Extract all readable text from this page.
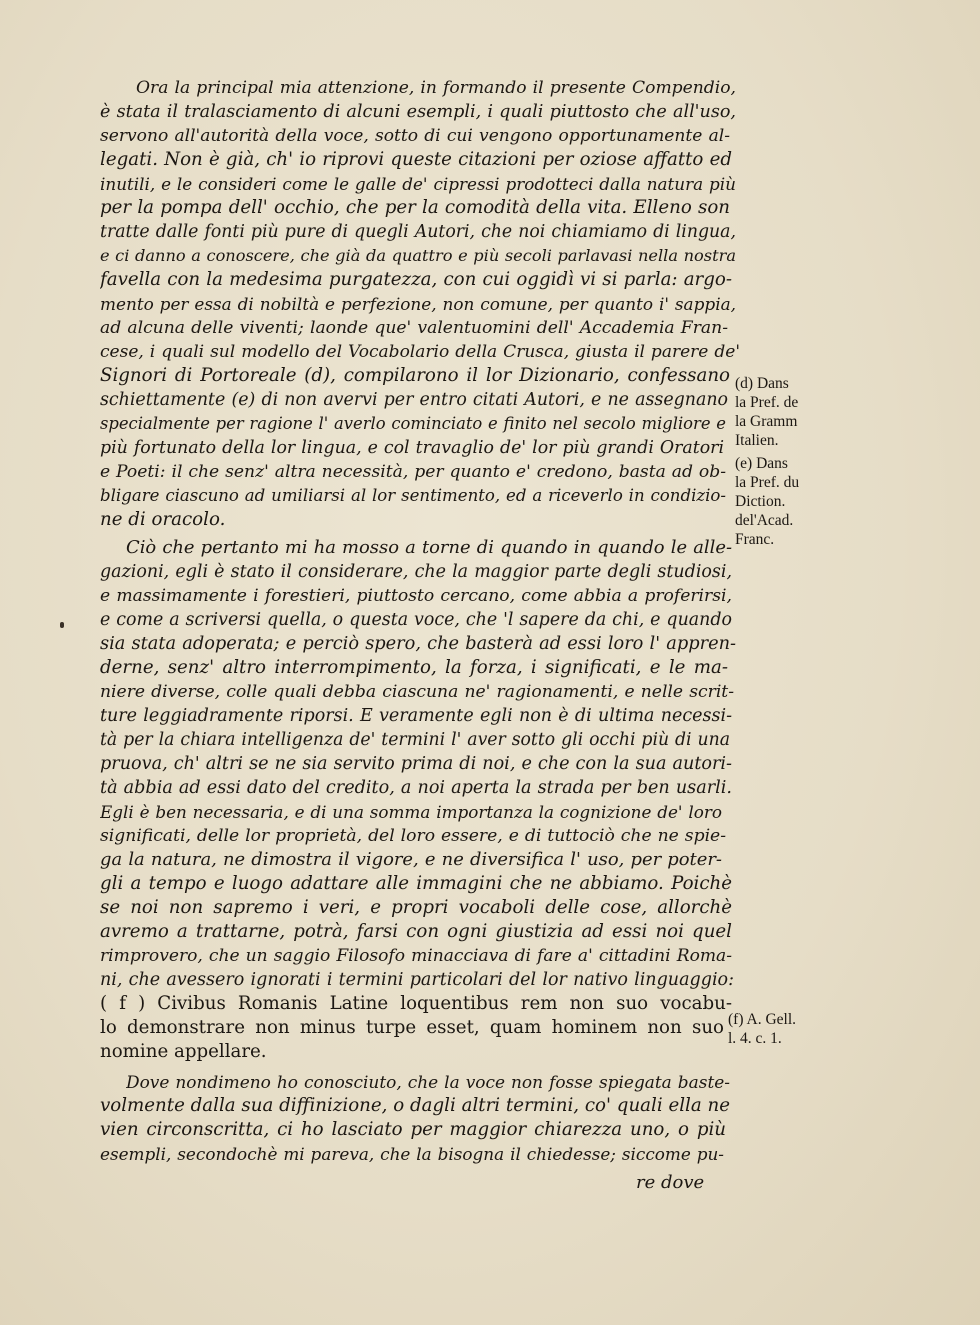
Ora la principal mia attenzione, in formando il presente Compendio,
è stata il tralasciamento di alcuni esempli, i quali piuttosto che all'uso,
servono all'autorità della voce, sotto di cui vengono opportunamente al-
legati. Non è già, ch' io riprovi queste citazioni per oziose affatto ed
inutili, e le consideri come le galle de' cipressi prodotteci dalla natura più
per la pompa dell' occhio, che per la comodità della vita. Elleno son
tratte dalle fonti più pure di quegli Autori, che noi chiamiamo di lingua,
e ci danno a conoscere, che già da quattro e più secoli parlavasi nella nostra
favella con la medesima purgatezza, con cui oggidì vi si parla: argo-
mento per essa di nobiltà e perfezione, non comune, per quanto i' sappia,
ad alcuna delle viventi; laonde que' valentuomini dell' Accademia Fran-
cese, i quali sul modello del Vocabolario della Crusca, giusta il parere de'
Signori di Portoreale (d), compilarono il lor Dizionario, confessano
schiettamente (e) di non avervi per entro citati Autori, e ne assegnano
specialmente per ragione l' averlo cominciato e finito nel secolo migliore e
più fortunato della lor lingua, e col travaglio de' lor più grandi Oratori
e Poeti: il che senz' altra necessità, per quanto e' credono, basta ad ob-
bligare ciascuno ad umiliarsi al lor sentimento, ed a riceverlo in condizio-
ne di oracolo.
Ciò che pertanto mi ha mosso a torne di quando in quando le alle-
gazioni, egli è stato il considerare, che la maggior parte degli studiosi,
e massimamente i forestieri, piuttosto cercano, come abbia a proferirsi,
e come a scriversi quella, o questa voce, che 'l sapere da chi, e quando
sia stata adoperata; e perciò spero, che basterà ad essi loro l' appren-
derne, senz' altro interrompimento, la forza, i significati, e le ma-
niere diverse, colle quali debba ciascuna ne' ragionamenti, e nelle scrit-
ture leggiadramente riporsi. E veramente egli non è di ultima necessi-
tà per la chiara intelligenza de' termini l' aver sotto gli occhi più di una
pruova, ch' altri se ne sia servito prima di noi, e che con la sua autori-
tà abbia ad essi dato del credito, a noi aperta la strada per ben usarli.
Egli è ben necessaria, e di una somma importanza la cognizione de' loro
significati, delle lor proprietà, del loro essere, e di tuttociò che ne spie-
ga la natura, ne dimostra il vigore, e ne diversifica l' uso, per poter-
gli a tempo e luogo adattare alle immagini che ne abbiamo. Poichè
se noi non sapremo i veri, e propri vocaboli delle cose, allorchè
avremo a trattarne, potrà, farsi con ogni giustizia ad essi noi quel
rimprovero, che un saggio Filosofo minacciava di fare a' cittadini Roma-
ni, che avessero ignorati i termini particolari del lor nativo linguaggio:
( f ) Civibus Romanis Latine loquentibus rem non suo vocabu-
lo demonstrare non minus turpe esset, quam hominem non suo
nomine appellare.
Dove nondimeno ho conosciuto, che la voce non fosse spiegata baste-
volmente dalla sua diffinizione, o dagli altri termini, co' quali ella ne
vien circonscritta, ci ho lasciato per maggior chiarezza uno, o più
esempli, secondochè mi pareva, che la bisogna il chiedesse; siccome pu-
re dove
(d) Dans
la Pref. de
la Gramm
Italien.
(e) Dans
la Pref. du
Diction.
del'Acad.
Franc.
(f) A. Gell.
l. 4. c. 1.
